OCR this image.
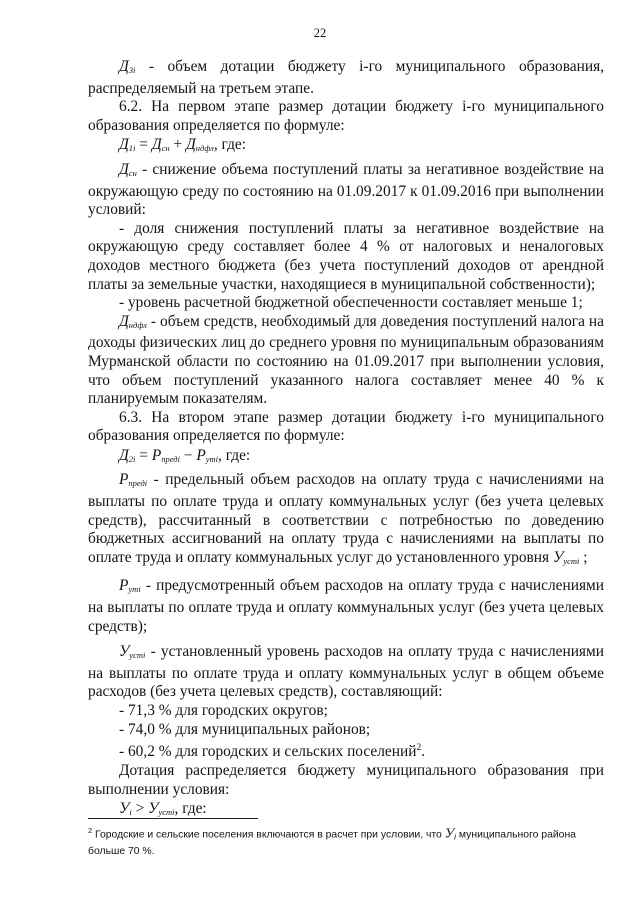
22

$Д_{3i}$ - объем дотации бюджету i-го муниципального образования, распределяемый на третьем этапе.

6.2. На первом этапе размер дотации бюджету i-го муниципального образования определяется по формуле:

$Д_{1i} = Д_{сн} + Д_{ндфл}$, где:

$Д_{сн}$ - снижение объема поступлений платы за негативное воздействие на окружающую среду по состоянию на 01.09.2017 к 01.09.2016 при выполнении условий:

- доля снижения поступлений платы за негативное воздействие на окружающую среду составляет более 4 % от налоговых и неналоговых доходов местного бюджета (без учета поступлений доходов от арендной платы за земельные участки, находящиеся в муниципальной собственности);

- уровень расчетной бюджетной обеспеченности составляет меньше 1;

$Д_{ндфл}$ - объем средств, необходимый для доведения поступлений налога на доходы физических лиц до среднего уровня по муниципальным образованиям Мурманской области по состоянию на 01.09.2017 при выполнении условия, что объем поступлений указанного налога составляет менее 40 % к планируемым показателям.

6.3. На втором этапе размер дотации бюджету i-го муниципального образования определяется по формуле:

$Д_{2i} = Р_{предi} - Р_{утi}$, где:

$Р_{предi}$ - предельный объем расходов на оплату труда с начислениями на выплаты по оплате труда и оплату коммунальных услуг (без учета целевых средств), рассчитанный в соответствии с потребностью по доведению бюджетных ассигнований на оплату труда с начислениями на выплаты по оплате труда и оплату коммунальных услуг до установленного уровня $У_{устi}$ ;

$Р_{утi}$ - предусмотренный объем расходов на оплату труда с начислениями на выплаты по оплате труда и оплату коммунальных услуг (без учета целевых средств);

$У_{устi}$ - установленный уровень расходов на оплату труда с начислениями на выплаты по оплате труда и оплату коммунальных услуг в общем объеме расходов (без учета целевых средств), составляющий:

- 71,3 % для городских округов;

- 74,0 % для муниципальных районов;

- 60,2 % для городских и сельских поселений$^2$.

Дотация распределяется бюджету муниципального образования при выполнении условия:

$У_i > У_{устi}$, где:

$^2$ Городские и сельские поселения включаются в расчет при условии, что $У_i$ муниципального района больше 70 %.
